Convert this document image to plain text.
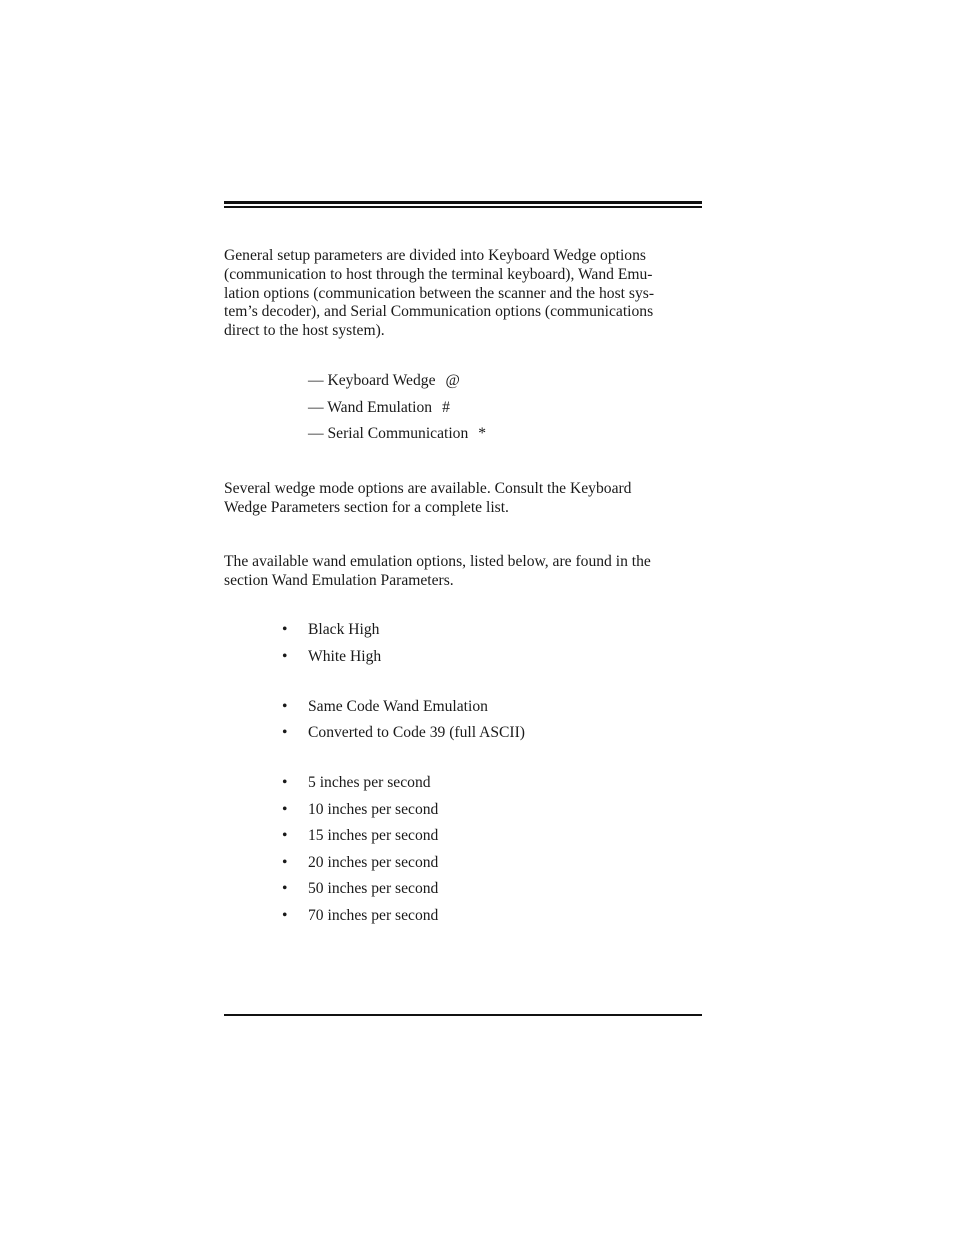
General setup parameters are divided into Keyboard Wedge options
(communication to host through the terminal keyboard), Wand Emu-
lation options (communication between the scanner and the host sys-
tem’s decoder), and Serial Communication options (communications
direct to the host system).

— Keyboard Wedge @
— Wand Emulation #
— Serial Communication *

Several wedge mode options are available. Consult the Keyboard
Wedge Parameters section for a complete list.

The available wand emulation options, listed below, are found in the
section Wand Emulation Parameters.

• Black High
• White High
• Same Code Wand Emulation
• Converted to Code 39 (full ASCII)
• 5 inches per second
• 10 inches per second
• 15 inches per second
• 20 inches per second
• 50 inches per second
• 70 inches per second
